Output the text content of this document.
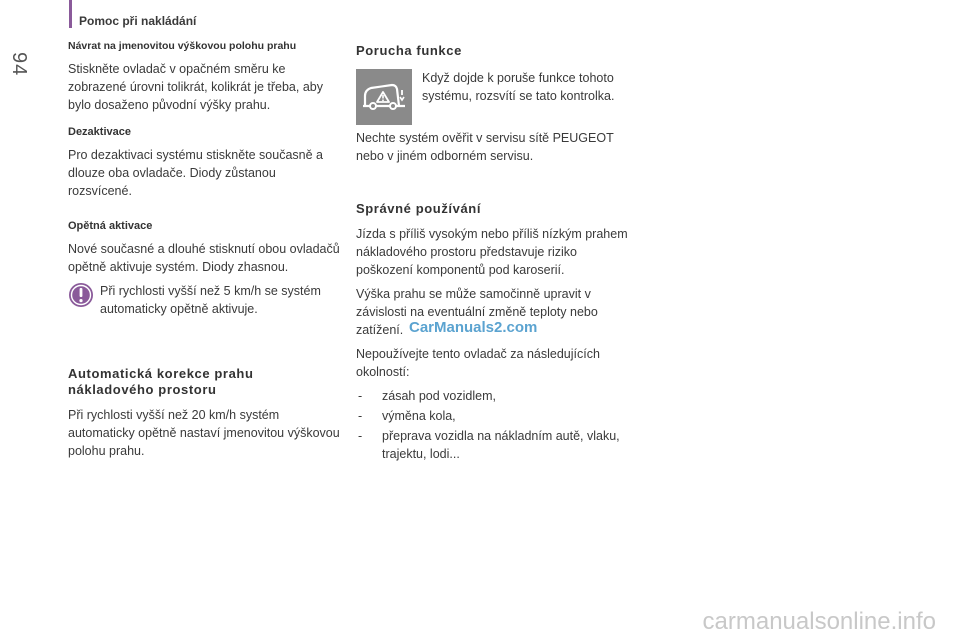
94
Pomoc při nakládání
Návrat na jmenovitou výškovou polohu prahu

Stiskněte ovladač v opačném směru ke zobrazené úrovni tolikrát, kolikrát je třeba, aby bylo dosaženo původní výšky prahu.

Dezaktivace

Pro dezaktivaci systému stiskněte současně a dlouze oba ovladače. Diody zůstanou rozsvícené.

Opětná aktivace

Nové současné a dlouhé stisknutí obou ovladačů opětně aktivuje systém. Diody zhasnou.

Při rychlosti vyšší než 5 km/h se systém automaticky opětně aktivuje.

Automatická korekce prahu nákladového prostoru

Při rychlosti vyšší než 20 km/h systém automaticky opětně nastaví jmenovitou výškovou polohu prahu.

Porucha funkce

Když dojde k poruše funkce tohoto systému, rozsvítí se tato kontrolka.

Nechte systém ověřit v servisu sítě PEUGEOT nebo v jiném odborném servisu.

Správné používání

Jízda s příliš vysokým nebo příliš nízkým prahem nákladového prostoru představuje riziko poškození komponentů pod karoserií.

Výška prahu se může samočinně upravit v závislosti na eventuální změně teploty nebo zatížení.

Nepoužívejte tento ovladač za následujících okolností:

- zásah pod vozidlem,
- výměna kola,
- přeprava vozidla na nákladním autě, vlaku, trajektu, lodi...
CarManuals2.com
carmanualsonline.info
